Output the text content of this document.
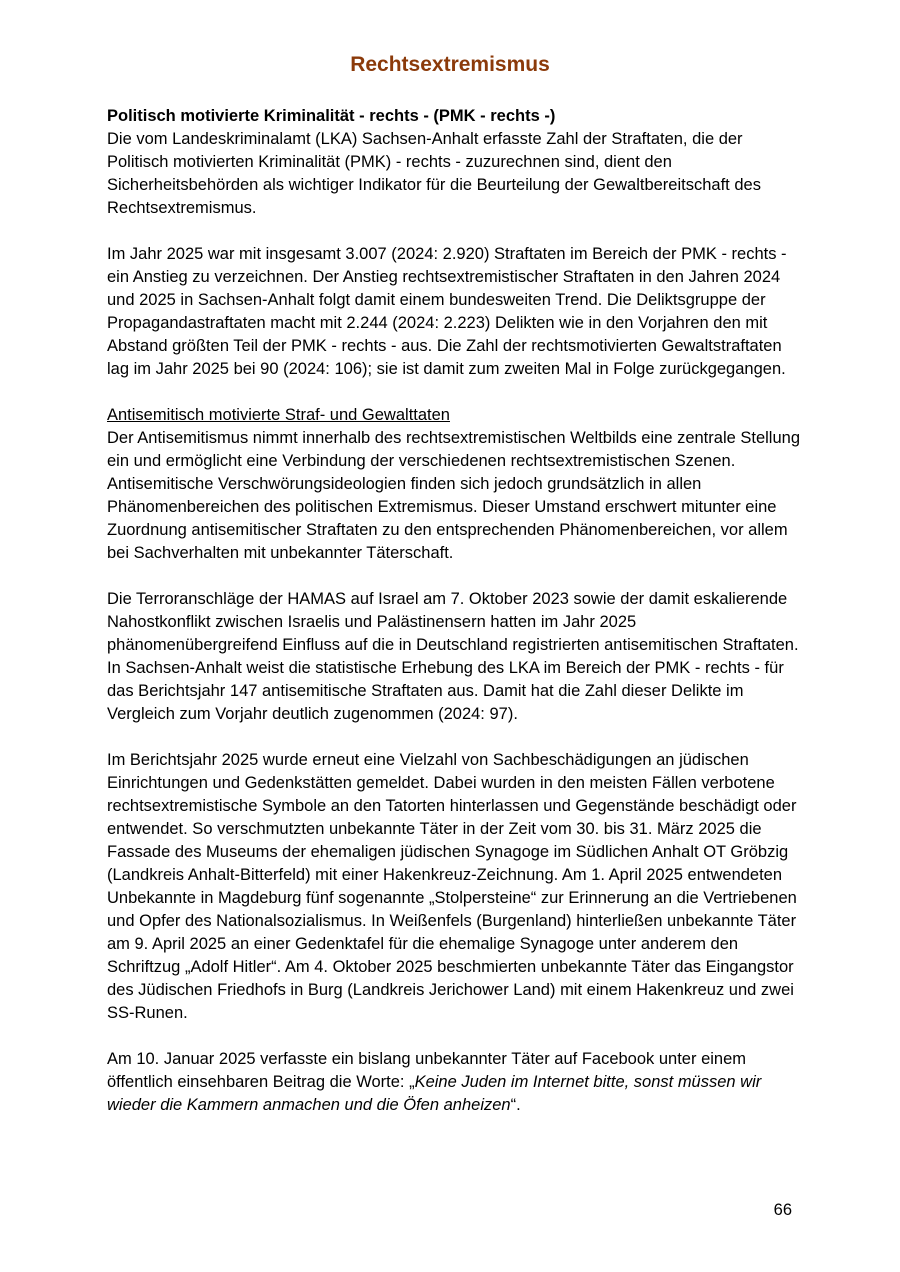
Rechtsextremismus

Politisch motivierte Kriminalität - rechts - (PMK - rechts -)

Die vom Landeskriminalamt (LKA) Sachsen-Anhalt erfasste Zahl der Straftaten, die der Politisch motivierten Kriminalität (PMK) - rechts - zuzurechnen sind, dient den Sicherheitsbehörden als wichtiger Indikator für die Beurteilung der Gewaltbereitschaft des Rechtsextremismus.

Im Jahr 2025 war mit insgesamt 3.007 (2024: 2.920) Straftaten im Bereich der PMK - rechts - ein Anstieg zu verzeichnen. Der Anstieg rechtsextremistischer Straftaten in den Jahren 2024 und 2025 in Sachsen-Anhalt folgt damit einem bundesweiten Trend. Die Deliktsgruppe der Propagandastraftaten macht mit 2.244 (2024: 2.223) Delikten wie in den Vorjahren den mit Abstand größten Teil der PMK - rechts - aus. Die Zahl der rechtsmotivierten Gewaltstraftaten lag im Jahr 2025 bei 90 (2024: 106); sie ist damit zum zweiten Mal in Folge zurückgegangen.

Antisemitisch motivierte Straf- und Gewalttaten

Der Antisemitismus nimmt innerhalb des rechtsextremistischen Weltbilds eine zentrale Stellung ein und ermöglicht eine Verbindung der verschiedenen rechtsextremistischen Szenen. Antisemitische Verschwörungsideologien finden sich jedoch grundsätzlich in allen Phänomenbereichen des politischen Extremismus. Dieser Umstand erschwert mitunter eine Zuordnung antisemitischer Straftaten zu den entsprechenden Phänomenbereichen, vor allem bei Sachverhalten mit unbekannter Täterschaft.

Die Terroranschläge der HAMAS auf Israel am 7. Oktober 2023 sowie der damit eskalierende Nahostkonflikt zwischen Israelis und Palästinensern hatten im Jahr 2025 phänomenübergreifend Einfluss auf die in Deutschland registrierten antisemitischen Straftaten. In Sachsen-Anhalt weist die statistische Erhebung des LKA im Bereich der PMK - rechts - für das Berichtsjahr 147 antisemitische Straftaten aus. Damit hat die Zahl dieser Delikte im Vergleich zum Vorjahr deutlich zugenommen (2024: 97).

Im Berichtsjahr 2025 wurde erneut eine Vielzahl von Sachbeschädigungen an jüdischen Einrichtungen und Gedenkstätten gemeldet. Dabei wurden in den meisten Fällen verbotene rechtsextremistische Symbole an den Tatorten hinterlassen und Gegenstände beschädigt oder entwendet. So verschmutzten unbekannte Täter in der Zeit vom 30. bis 31. März 2025 die Fassade des Museums der ehemaligen jüdischen Synagoge im Südlichen Anhalt OT Gröbzig (Landkreis Anhalt-Bitterfeld) mit einer Hakenkreuz-Zeichnung. Am 1. April 2025 entwendeten Unbekannte in Magdeburg fünf sogenannte „Stolpersteine“ zur Erinnerung an die Vertriebenen und Opfer des Nationalsozialismus. In Weißenfels (Burgenland) hinterließen unbekannte Täter am 9. April 2025 an einer Gedenktafel für die ehemalige Synagoge unter anderem den Schriftzug „Adolf Hitler“. Am 4. Oktober 2025 beschmierten unbekannte Täter das Eingangstor des Jüdischen Friedhofs in Burg (Landkreis Jerichower Land) mit einem Hakenkreuz und zwei SS-Runen.

Am 10. Januar 2025 verfasste ein bislang unbekannter Täter auf Facebook unter einem öffentlich einsehbaren Beitrag die Worte: „Keine Juden im Internet bitte, sonst müssen wir wieder die Kammern anmachen und die Öfen anheizen“.

66
